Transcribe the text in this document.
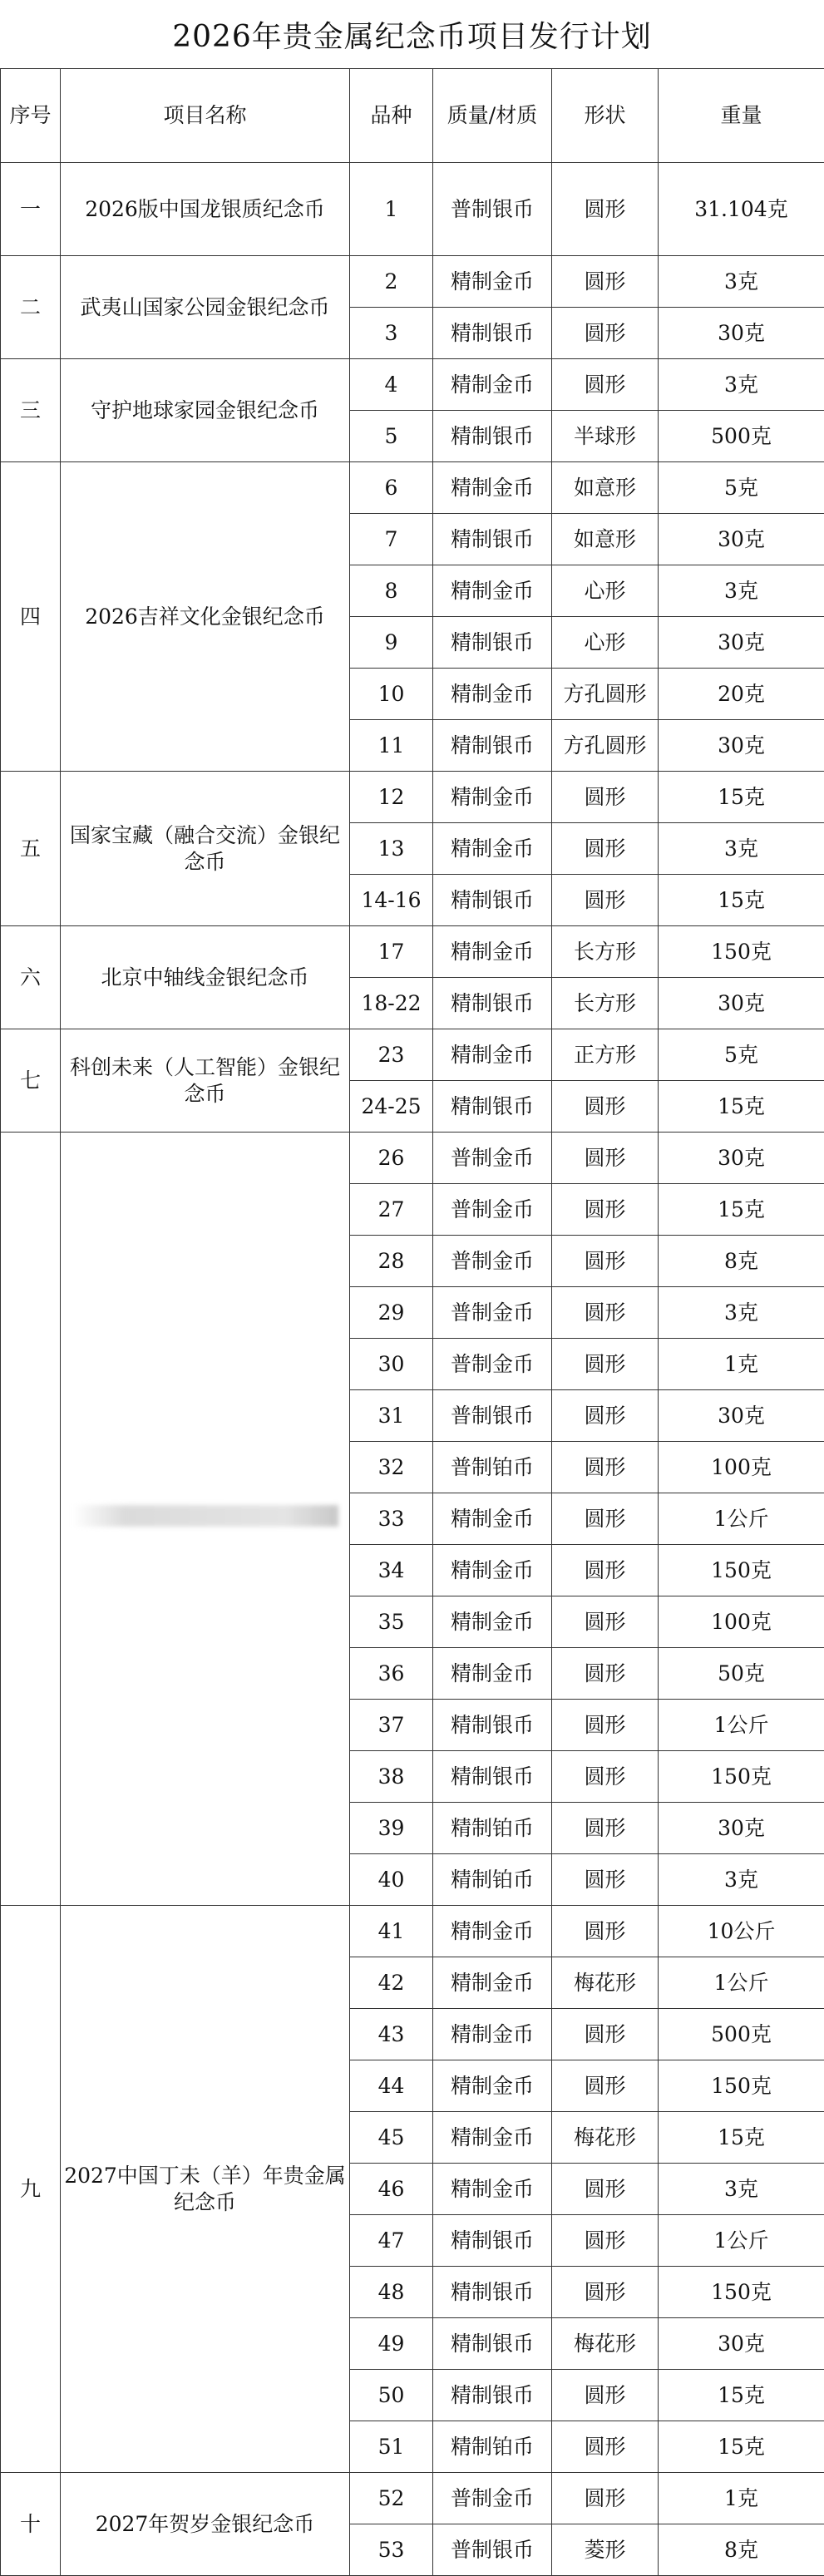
2026年贵金属纪念币项目发行计划
序号	项目名称	品种	质量/材质	形状	重量
一	2026版中国龙银质纪念币	1	普制银币	圆形	31.104克
二	武夷山国家公园金银纪念币	2	精制金币	圆形	3克
		3	精制银币	圆形	30克
三	守护地球家园金银纪念币	4	精制金币	圆形	3克
		5	精制银币	半球形	500克
四	2026吉祥文化金银纪念币	6	精制金币	如意形	5克
		7	精制银币	如意形	30克
		8	精制金币	心形	3克
		9	精制银币	心形	30克
		10	精制金币	方孔圆形	20克
		11	精制银币	方孔圆形	30克
五	国家宝藏（融合交流）金银纪念币	12	精制金币	圆形	15克
		13	精制金币	圆形	3克
		14-16	精制银币	圆形	15克
六	北京中轴线金银纪念币	17	精制金币	长方形	150克
		18-22	精制银币	长方形	30克
七	科创未来（人工智能）金银纪念币	23	精制金币	正方形	5克
		24-25	精制银币	圆形	15克
		26	普制金币	圆形	30克
		27	普制金币	圆形	15克
		28	普制金币	圆形	8克
		29	普制金币	圆形	3克
		30	普制金币	圆形	1克
		31	普制银币	圆形	30克
		32	普制铂币	圆形	100克
		33	精制金币	圆形	1公斤
		34	精制金币	圆形	150克
		35	精制金币	圆形	100克
		36	精制金币	圆形	50克
		37	精制银币	圆形	1公斤
		38	精制银币	圆形	150克
		39	精制铂币	圆形	30克
		40	精制铂币	圆形	3克
九	2027中国丁未（羊）年贵金属纪念币	41	精制金币	圆形	10公斤
		42	精制金币	梅花形	1公斤
		43	精制金币	圆形	500克
		44	精制金币	圆形	150克
		45	精制金币	梅花形	15克
		46	精制金币	圆形	3克
		47	精制银币	圆形	1公斤
		48	精制银币	圆形	150克
		49	精制银币	梅花形	30克
		50	精制银币	圆形	15克
		51	精制铂币	圆形	15克
十	2027年贺岁金银纪念币	52	普制金币	圆形	1克
		53	普制银币	菱形	8克
